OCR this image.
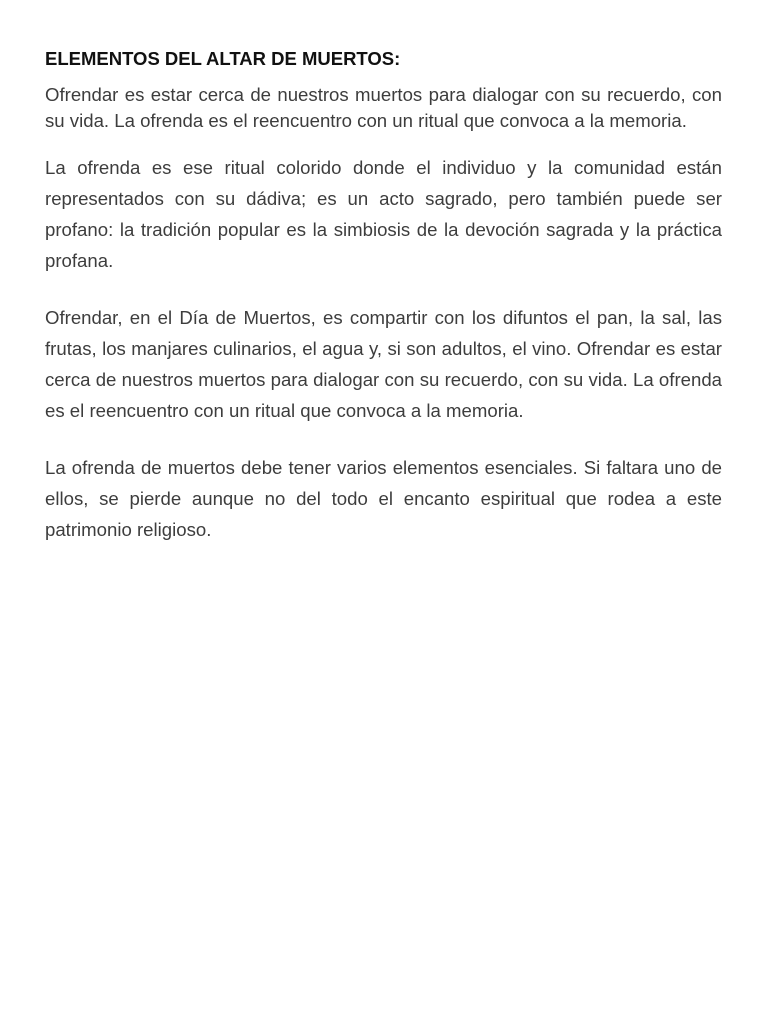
ELEMENTOS DEL ALTAR DE MUERTOS:

Ofrendar es estar cerca de nuestros muertos para dialogar con su recuerdo, con su vida. La ofrenda es el reencuentro con un ritual que convoca a la memoria.

La ofrenda es ese ritual colorido donde el individuo y la comunidad están representados con su dádiva; es un acto sagrado, pero también puede ser profano: la tradición popular es la simbiosis de la devoción sagrada y la práctica profana.

Ofrendar, en el Día de Muertos, es compartir con los difuntos el pan, la sal, las frutas, los manjares culinarios, el agua y, si son adultos, el vino. Ofrendar es estar cerca de nuestros muertos para dialogar con su recuerdo, con su vida. La ofrenda es el reencuentro con un ritual que convoca a la memoria.

La ofrenda de muertos debe tener varios elementos esenciales. Si faltara uno de ellos, se pierde aunque no del todo el encanto espiritual que rodea a este patrimonio religioso.
